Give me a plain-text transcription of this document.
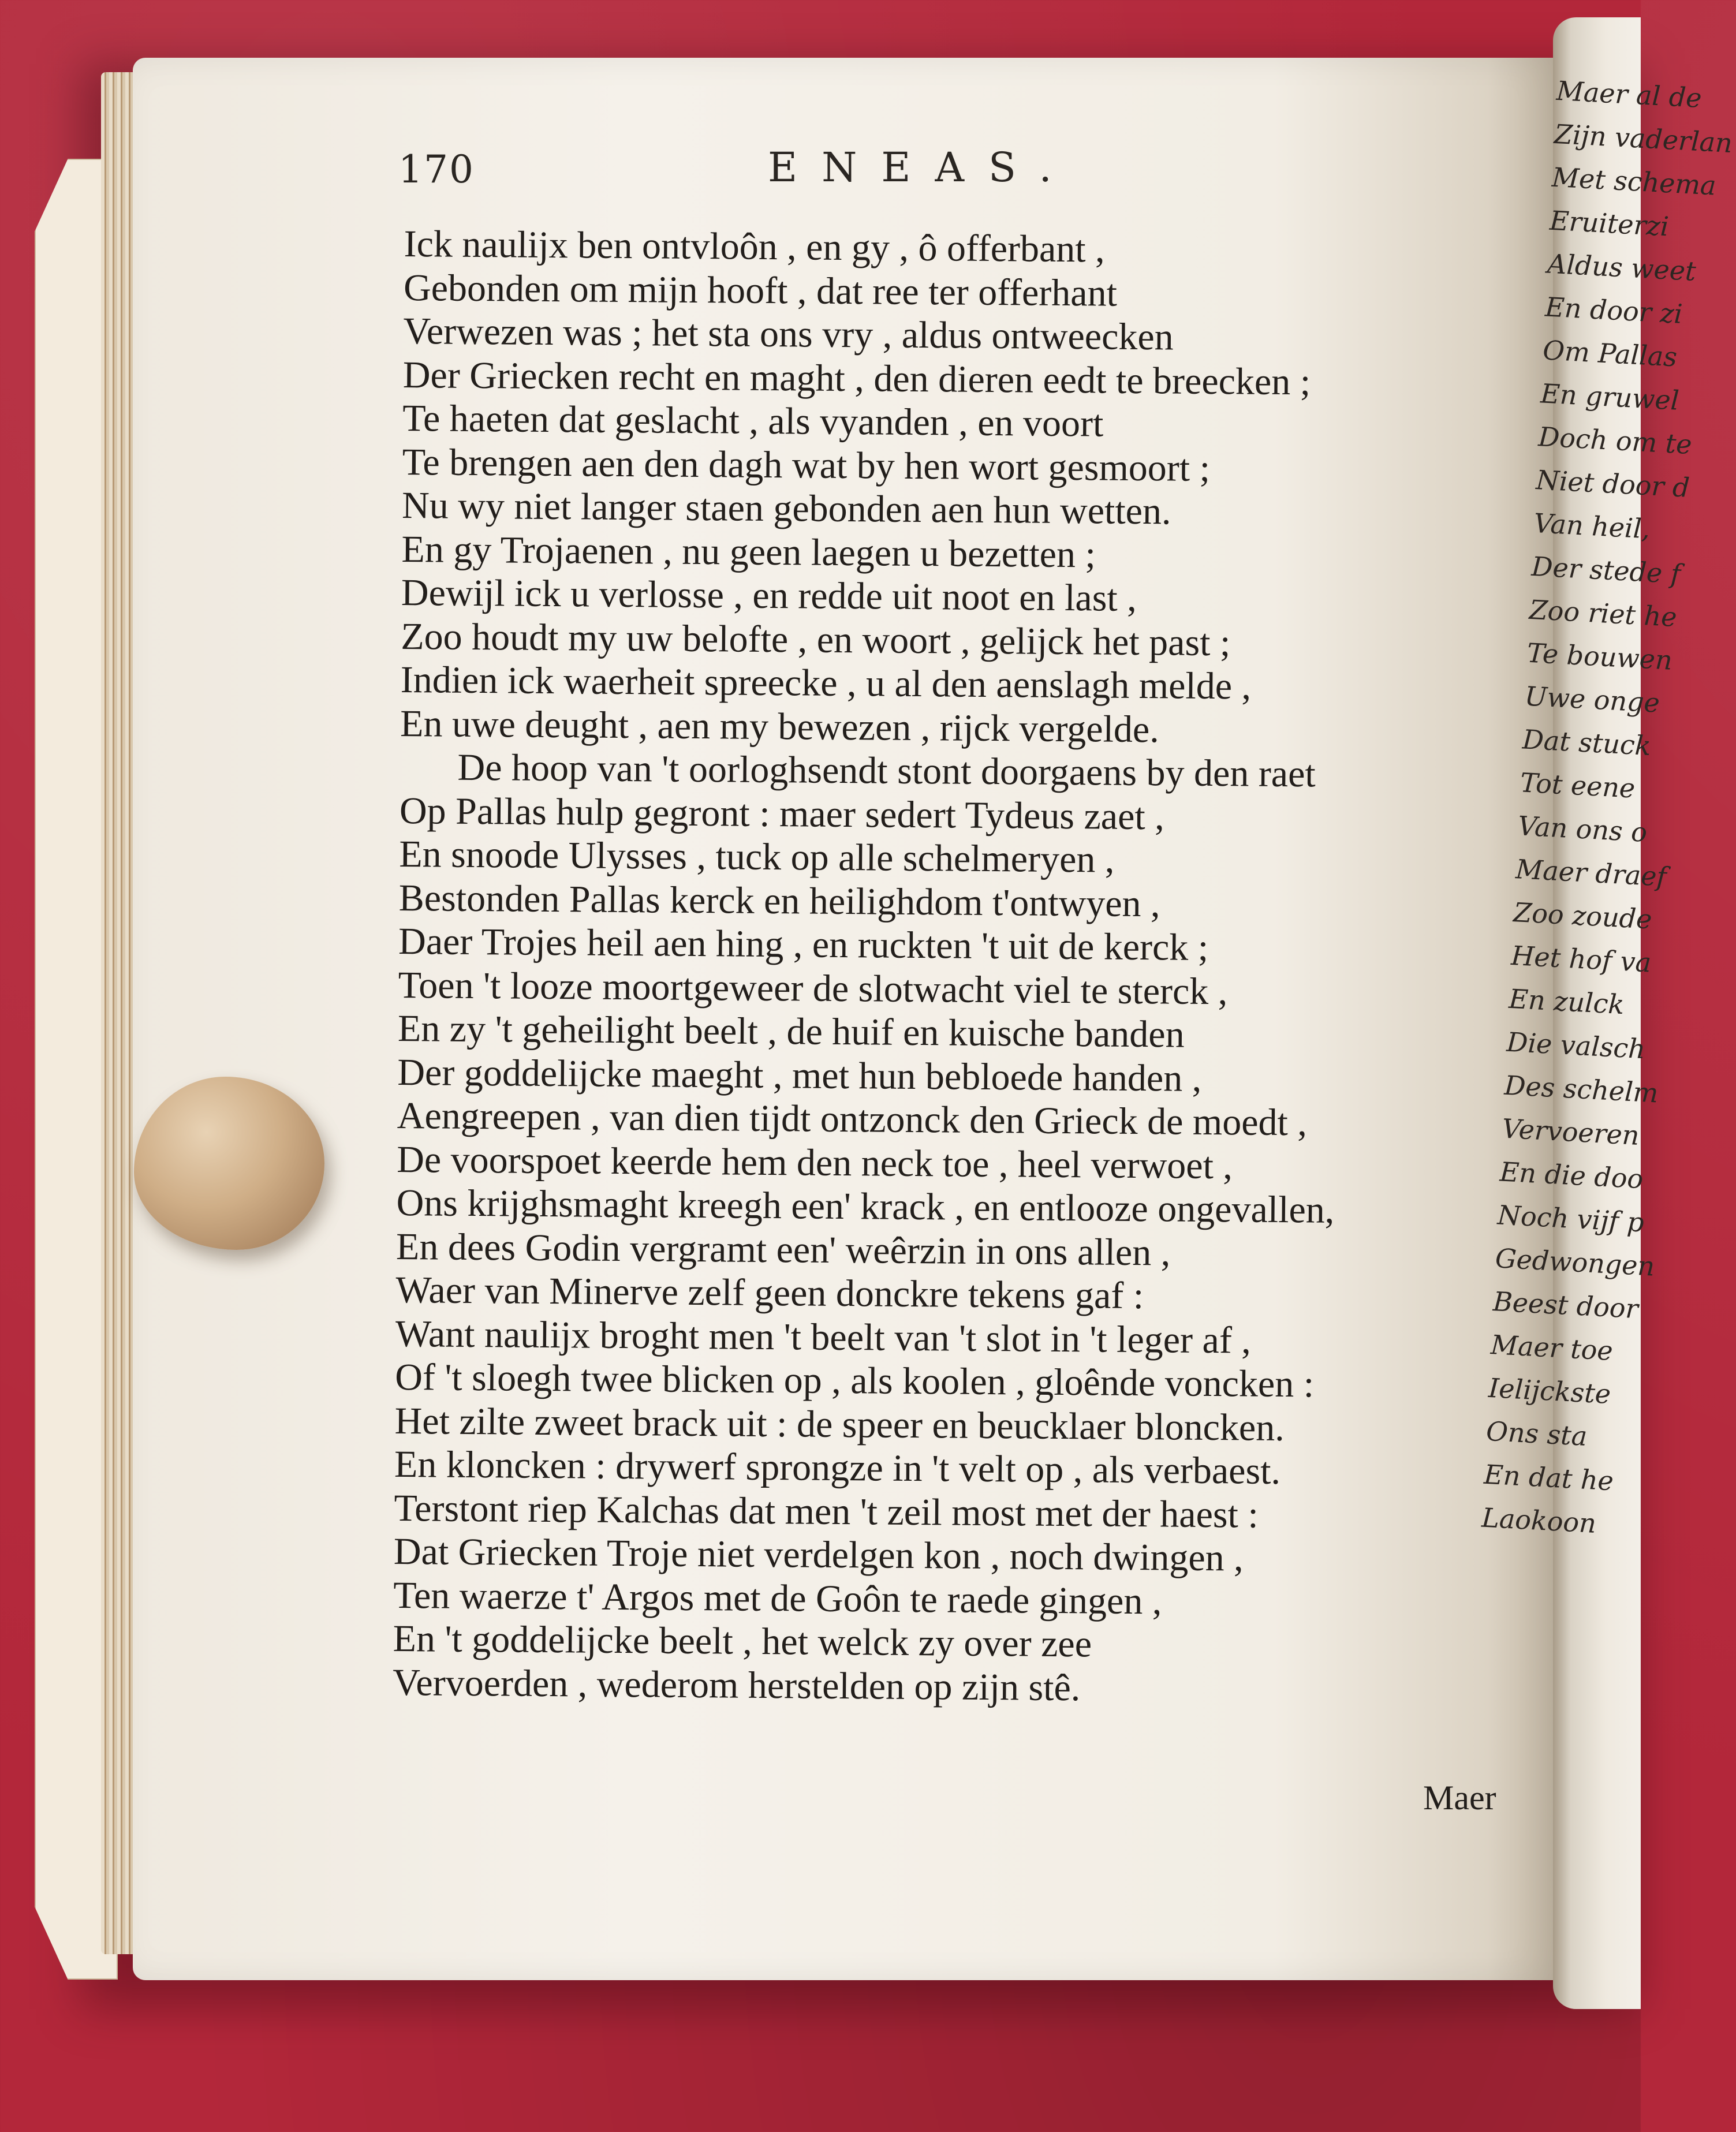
Maer al de
Zijn vaderlan
Met schema
Eruiterzi
Aldus weet
En door zi
Om Pallas
En gruwel
Doch om te
Niet door d
Van heil,
Der stede f
Zoo riet he
Te bouwen
Uwe onge
Dat stuck
Tot eene
Van ons o
Maer draef
Zoo zoude
Het hof va
En zulck
Die valsch
Des schelm
Vervoeren
En die doo
Noch vijf p
Gedwongen
Beest door
Maer toe
Ielijckste
Ons sta
En dat he
Laokoon
170	ENEAS.
Ick naulijx ben ontvloôn , en gy , ô offerbant ,
Gebonden om mijn hooft , dat ree ter offerhant
Verwezen was ; het sta ons vry , aldus ontweecken
Der Griecken recht en maght , den dieren eedt te breecken ;
Te haeten dat geslacht , als vyanden , en voort
Te brengen aen den dagh wat by hen wort gesmoort ;
Nu wy niet langer staen gebonden aen hun wetten.
En gy Trojaenen , nu geen laegen u bezetten ;
Dewijl ick u verlosse , en redde uit noot en last ,
Zoo houdt my uw belofte , en woort , gelijck het past ;
Indien ick waerheit spreecke , u al den aenslagh melde ,
En uwe deught , aen my bewezen , rijck vergelde.
De hoop van 't oorloghsendt stont doorgaens by den raet
Op Pallas hulp gegront : maer sedert Tydeus zaet ,
En snoode Ulysses , tuck op alle schelmeryen ,
Bestonden Pallas kerck en heilighdom t'ontwyen ,
Daer Trojes heil aen hing , en ruckten 't uit de kerck ;
Toen 't looze moortgeweer de slotwacht viel te sterck ,
En zy 't geheilight beelt , de huif en kuische banden
Der goddelijcke maeght , met hun bebloede handen ,
Aengreepen , van dien tijdt ontzonck den Grieck de moedt ,
De voorspoet keerde hem den neck toe , heel verwoet ,
Ons krijghsmaght kreegh een' krack , en entlooze ongevallen,
En dees Godin vergramt een' weêrzin in ons allen ,
Waer van Minerve zelf geen donckre tekens gaf :
Want naulijx broght men 't beelt van 't slot in 't leger af ,
Of 't sloegh twee blicken op , als koolen , gloênde voncken :
Het zilte zweet brack uit : de speer en beucklaer bloncken.
En kloncken : drywerf sprongze in 't velt op , als verbaest.
Terstont riep Kalchas dat men 't zeil most met der haest :
Dat Griecken Troje niet verdelgen kon , noch dwingen ,
Ten waerze t' Argos met de Goôn te raede gingen ,
En 't goddelijcke beelt , het welck zy over zee
Vervoerden , wederom herstelden op zijn stê.
Maer
